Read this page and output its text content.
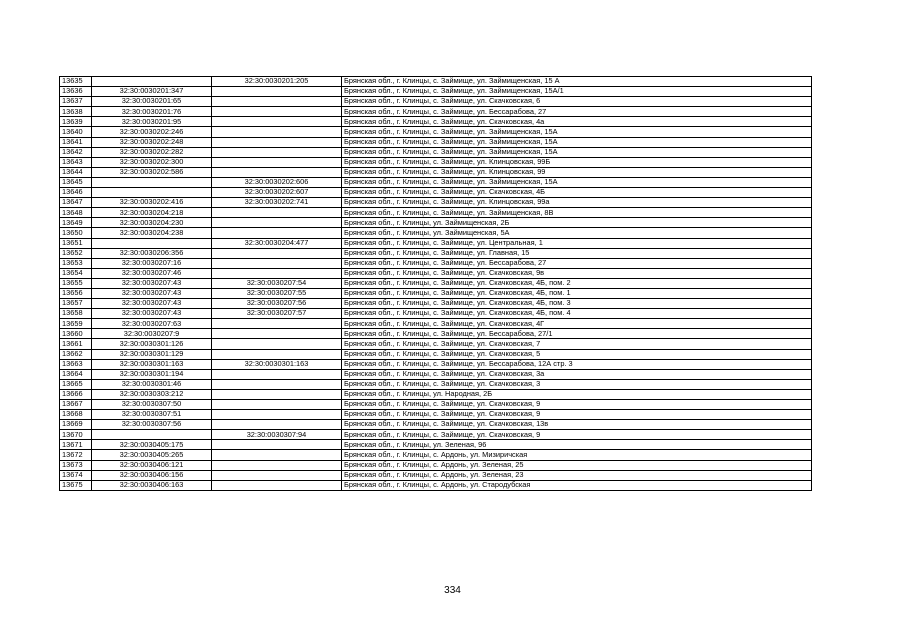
13635		32:30:0030201:205	Брянская обл., г. Клинцы, с. Займище, ул. Займищенская, 15 А
13636	32:30:0030201:347		Брянская обл., г. Клинцы, с. Займище, ул. Займищенская, 15А/1
13637	32:30:0030201:65		Брянская обл., г. Клинцы, с. Займище, ул. Скачковская, 6
13638	32:30:0030201:76		Брянская обл., г. Клинцы, с. Займище, ул. Бессарабова, 27
13639	32:30:0030201:95		Брянская обл., г. Клинцы, с. Займище, ул. Скачковская, 4а
13640	32:30:0030202:246		Брянская обл., г. Клинцы, с. Займище, ул. Займищенская, 15А
13641	32:30:0030202:248		Брянская обл., г. Клинцы, с. Займище, ул. Займищенская, 15А
13642	32:30:0030202:282		Брянская обл., г. Клинцы, с. Займище, ул. Займищенская, 15А
13643	32:30:0030202:300		Брянская обл., г. Клинцы, с. Займище, ул. Клинцовская, 99Б
13644	32:30:0030202:586		Брянская обл., г. Клинцы, с. Займище, ул. Клинцовская, 99
13645		32:30:0030202:606	Брянская обл., г. Клинцы, с. Займище, ул. Займищенская, 15А
13646		32:30:0030202:607	Брянская обл., г. Клинцы, с. Займище, ул. Скачковская, 4Б
13647	32:30:0030202:416	32:30:0030202:741	Брянская обл., г. Клинцы, с. Займище, ул. Клинцовская, 99а
13648	32:30:0030204:218		Брянская обл., г. Клинцы, с. Займище, ул. Займищенская, 8В
13649	32:30:0030204:230		Брянская обл., г. Клинцы, ул. Займищенская, 2Б
13650	32:30:0030204:238		Брянская обл., г. Клинцы, ул. Займищенская, 5А
13651		32:30:0030204:477	Брянская обл., г. Клинцы, с. Займище, ул. Центральная, 1
13652	32:30:0030206:356		Брянская обл., г. Клинцы, с. Займище, ул. Главная, 15
13653	32:30:0030207:16		Брянская обл., г. Клинцы, с. Займище, ул. Бессарабова, 27
13654	32:30:0030207:46		Брянская обл., г. Клинцы, с. Займище, ул. Скачковская, 9в
13655	32:30:0030207:43	32:30:0030207:54	Брянская обл., г. Клинцы, с. Займище, ул. Скачковская, 4Б, пом. 2
13656	32:30:0030207:43	32:30:0030207:55	Брянская обл., г. Клинцы, с. Займище, ул. Скачковская, 4Б, пом. 1
13657	32:30:0030207:43	32:30:0030207:56	Брянская обл., г. Клинцы, с. Займище, ул. Скачковская, 4Б, пом. 3
13658	32:30:0030207:43	32:30:0030207:57	Брянская обл., г. Клинцы, с. Займище, ул. Скачковская, 4Б, пом. 4
13659	32:30:0030207:63		Брянская обл., г. Клинцы, с. Займище, ул. Скачковская, 4Г
13660	32:30:0030207:9		Брянская обл., г. Клинцы, с. Займище, ул. Бессарабова, 27/1
13661	32:30:0030301:126		Брянская обл., г. Клинцы, с. Займище, ул. Скачковская, 7
13662	32:30:0030301:129		Брянская обл., г. Клинцы, с. Займище, ул. Скачковская, 5
13663	32:30:0030301:163	32:30:0030301:163	Брянская обл., г. Клинцы, с. Займище, ул. Бессарабова, 12А стр. 3
13664	32:30:0030301:194		Брянская обл., г. Клинцы, с. Займище, ул. Скачковская, 3а
13665	32:30:0030301:46		Брянская обл., г. Клинцы, с. Займище, ул. Скачковская, 3
13666	32:30:0030303:212		Брянская обл., г. Клинцы, ул. Народная, 2Б
13667	32:30:0030307:50		Брянская обл., г. Клинцы, с. Займище, ул. Скачковская, 9
13668	32:30:0030307:51		Брянская обл., г. Клинцы, с. Займище, ул. Скачковская, 9
13669	32:30:0030307:56		Брянская обл., г. Клинцы, с. Займище, ул. Скачковская, 13в
13670		32:30:0030307:94	Брянская обл., г. Клинцы, с. Займище, ул. Скачковская, 9
13671	32:30:0030405:175		Брянская обл., г. Клинцы, ул. Зеленая, 96
13672	32:30:0030405:265		Брянская обл., г. Клинцы, с. Ардонь, ул. Мизиричская
13673	32:30:0030406:121		Брянская обл., г. Клинцы, с. Ардонь, ул. Зеленая, 25
13674	32:30:0030406:156		Брянская обл., г. Клинцы, с. Ардонь, ул. Зеленая, 23
13675	32:30:0030406:163		Брянская обл., г. Клинцы, с. Ардонь, ул. Стародубская
334
